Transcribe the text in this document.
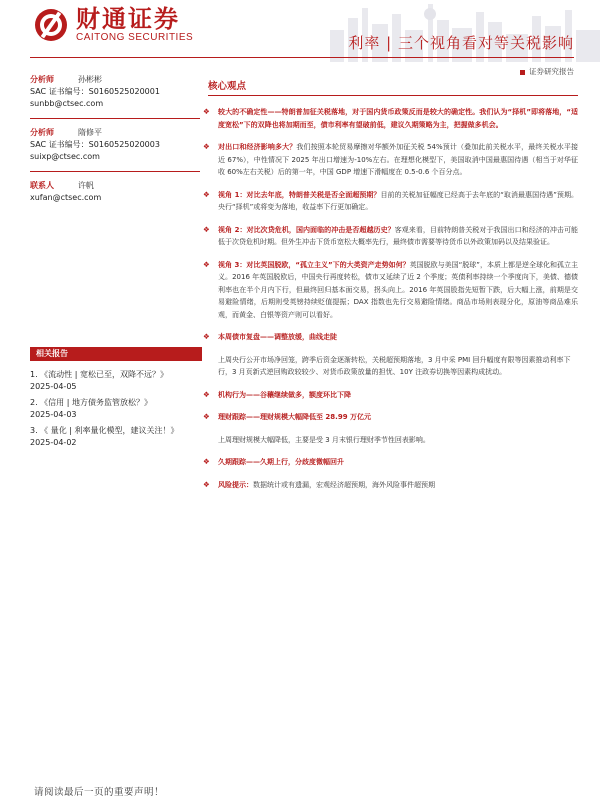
财通证券
CAITONG SECURITIES	利率 | 三个视角看对等关税影响
证券研究报告
分析师	孙彬彬
SAC 证书编号：S0160525020001
sunbb@ctsec.com
分析师	隋修平
SAC 证书编号：S0160525020003
suixp@ctsec.com
联系人	许帆
xufan@ctsec.com
相关报告
1. 《流动性 | 宽松已至，双降不远？》
2025-04-05
2. 《信用 | 地方债务监管放松？》
2025-04-03
3. 《 量化 | 利率量化模型，建议关注！》
2025-04-02
核心观点
❖ 较大的不确定性——特朗普加征关税落地，对于国内货币政策反而是较大的确定性。我们认为“择机”即将落地，“适度宽松”下的双降也将加期而至，债市利率有望破前低，建议久期策略为主，把握做多机会。
❖ 对出口和经济影响多大？我们按照本轮贸易摩擦对华额外加征关税 54%预计（叠加此前关税水平，最终关税水平接近 67%），中性情况下 2025 年出口增速为-10%左右。在理想化模型下，美国取消中国最惠国待遇（相当于对华征收 60%左右关税）后的第一年，中国 GDP 增速下滑幅度在 0.5-0.6 个百分点。
❖ 视角 1：对比去年底，特朗普关税是否全面超预期？目前的关税加征幅度已经高于去年底的“取消最惠国待遇”预期。央行“择机”或将变为落地，收益率下行更加确定。
❖ 视角 2：对比次贷危机，国内面临的冲击是否超越历史？客观来看，目前特朗普关税对于我国出口和经济的冲击可能低于次贷危机时期。但外生冲击下货币宽松大概率先行，最终债市需要等待货币以外政策加码以及结果验证。
❖ 视角 3：对比英国脱欧，“孤立主义”下的大类资产走势如何？英国脱欧与美国“脱球”，本质上都是逆全球化和孤立主义。2016 年英国脱欧后，中国央行再度转松，债市又延续了近 2 个季度；英债利率持续一个季度向下，美债、德债利率也在半个月内下行，但最终回归基本面交易，拐头向上。2016 年英国股指先短暂下跌，后大幅上涨，前期是交易避险情绪，后期则受英镑持续贬值提振；DAX 指数也先行交易避险情绪。商品市场则表现分化，原油等商品难乐观，而黄金、白银等资产则可以看好。
❖ 本周债市复盘——调整放缓，曲线走陡
上周央行公开市场净回笼，跨季后资金逐渐转松，关税超预期落地，3 月中采 PMI 回升幅度有限等因素推动利率下行，3 月页新式逆回购政较较少、对货币政策放量的担忧、10Y 注政券切换等因素构成扰动。
❖ 机构行为——谷穰继续做多，额度环比下降
❖ 理财跟踪——理财规模大幅降低至 28.99 万亿元
上周理财规模大幅降低，主要是受 3 月末银行理财季节性回表影响。
❖ 久期跟踪——久期上行，分歧度微幅回升
❖ 风险提示：数据统计或有遗漏，宏观经济超预期，海外风险事件超预期
请阅读最后一页的重要声明！
